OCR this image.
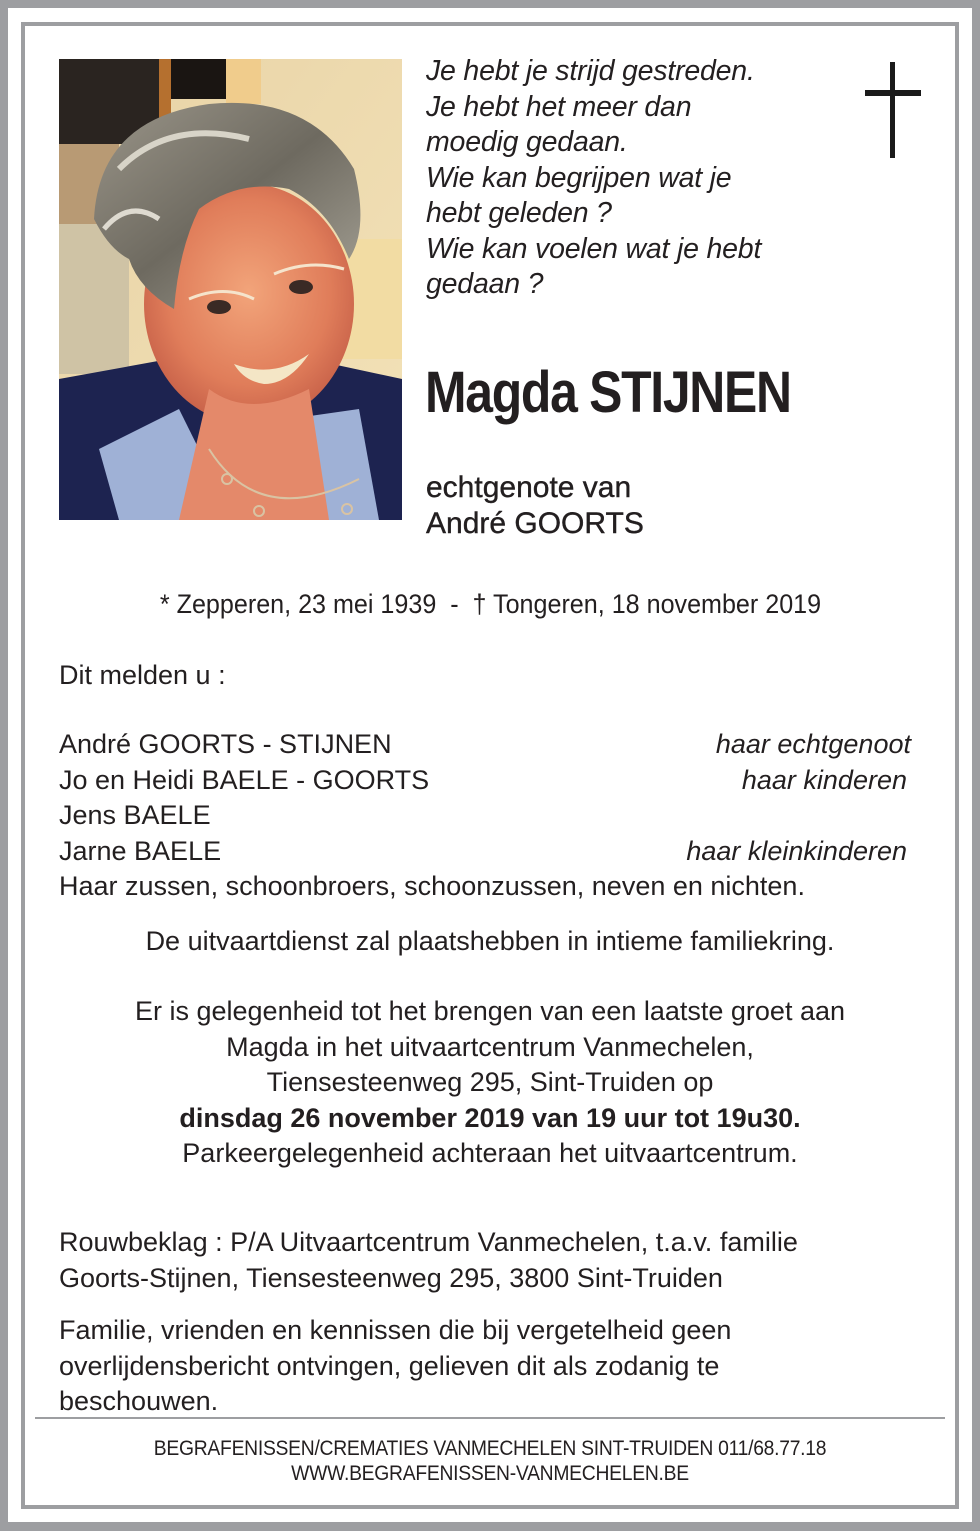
Je hebt je strijd gestreden.
Je hebt het meer dan
moedig gedaan.
Wie kan begrijpen wat je
hebt geleden ?
Wie kan voelen wat je hebt
gedaan ?
Magda STIJNEN
echtgenote van
André GOORTS
* Zepperen, 23 mei 1939  -  † Tongeren, 18 november 2019
Dit melden u :
André GOORTS - STIJNEN	haar echtgenoot
Jo en Heidi BAELE - GOORTS	haar kinderen
Jens BAELE
Jarne BAELE	haar kleinkinderen
Haar zussen, schoonbroers, schoonzussen, neven en nichten.
De uitvaartdienst zal plaatshebben in intieme familiekring.
Er is gelegenheid tot het brengen van een laatste groet aan
Magda in het uitvaartcentrum Vanmechelen,
Tiensesteenweg 295, Sint-Truiden op
dinsdag 26 november 2019 van 19 uur tot 19u30.
Parkeergelegenheid achteraan het uitvaartcentrum.
Rouwbeklag : P/A Uitvaartcentrum Vanmechelen, t.a.v. familie
Goorts-Stijnen, Tiensesteenweg 295, 3800 Sint-Truiden
Familie, vrienden en kennissen die bij vergetelheid geen
overlijdensbericht ontvingen, gelieven dit als zodanig te
beschouwen.
BEGRAFENISSEN/CREMATIES VANMECHELEN SINT-TRUIDEN 011/68.77.18
WWW.BEGRAFENISSEN-VANMECHELEN.BE
